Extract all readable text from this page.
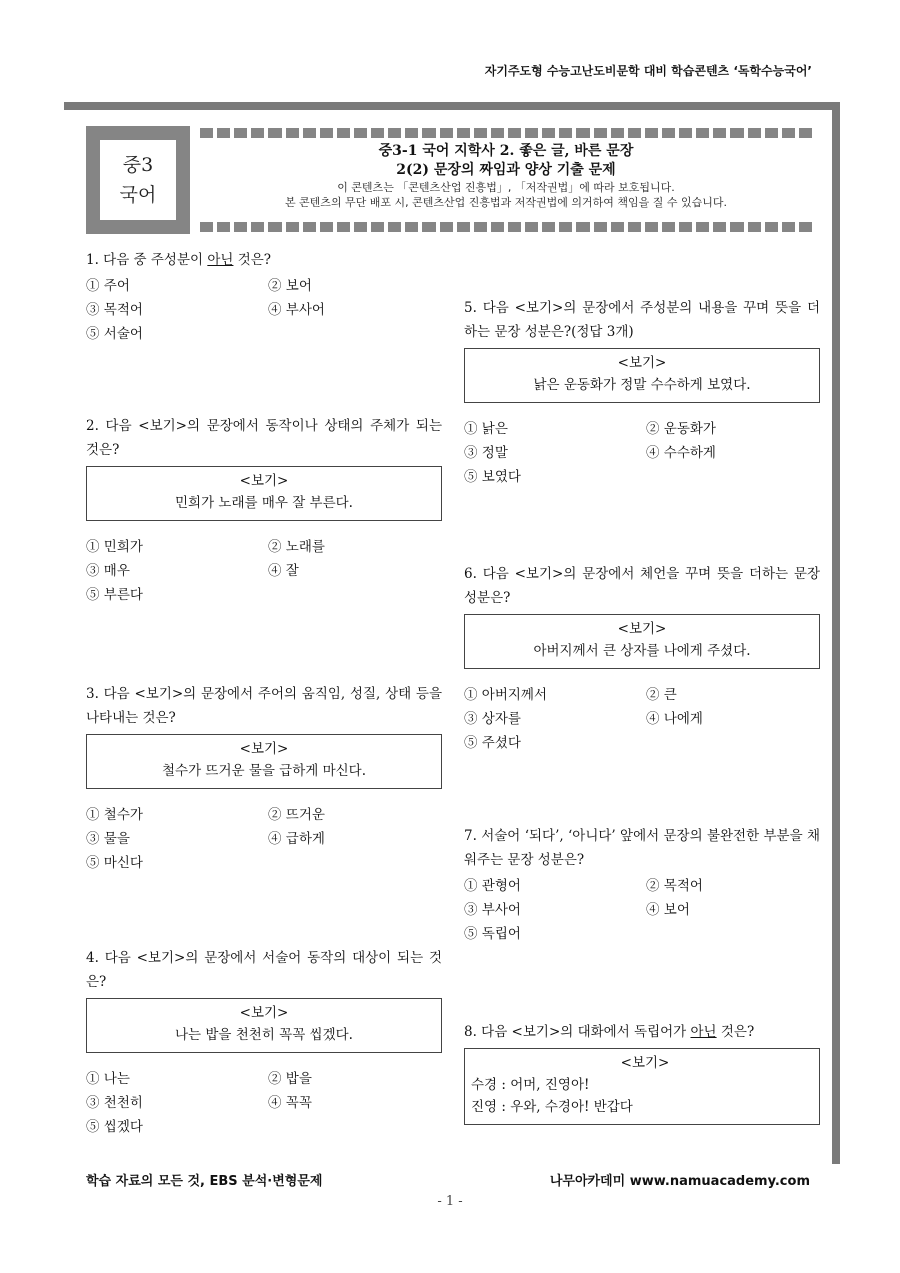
자기주도형 수능고난도비문학 대비 학습콘텐츠 ‘독학수능국어’
중3
국어
중3-1 국어 지학사 2. 좋은 글, 바른 문장
2(2) 문장의 짜임과 양상 기출 문제
이 콘텐츠는 「콘텐츠산업 진흥법」, 「저작권법」에 따라 보호됩니다.
본 콘텐츠의 무단 배포 시, 콘텐츠산업 진흥법과 저작권법에 의거하여 책임을 질 수 있습니다.
1. 다음 중 주성분이 아닌 것은?
① 주어	② 보어
③ 목적어	④ 부사어
⑤ 서술어
2. 다음 <보기>의 문장에서 동작이나 상태의 주체가 되는 것은?
<보기>
민희가 노래를 매우 잘 부른다.
① 민희가	② 노래를
③ 매우	④ 잘
⑤ 부른다
3. 다음 <보기>의 문장에서 주어의 움직임, 성질, 상태 등을 나타내는 것은?
<보기>
철수가 뜨거운 물을 급하게 마신다.
① 철수가	② 뜨거운
③ 물을	④ 급하게
⑤ 마신다
4. 다음 <보기>의 문장에서 서술어 동작의 대상이 되는 것은?
<보기>
나는 밥을 천천히 꼭꼭 씹겠다.
① 나는	② 밥을
③ 천천히	④ 꼭꼭
⑤ 씹겠다
5. 다음 <보기>의 문장에서 주성분의 내용을 꾸며 뜻을 더하는 문장 성분은?(정답 3개)
<보기>
낡은 운동화가 정말 수수하게 보였다.
① 낡은	② 운동화가
③ 정말	④ 수수하게
⑤ 보였다
6. 다음 <보기>의 문장에서 체언을 꾸며 뜻을 더하는 문장 성분은?
<보기>
아버지께서 큰 상자를 나에게 주셨다.
① 아버지께서	② 큰
③ 상자를	④ 나에게
⑤ 주셨다
7. 서술어 ‘되다’, ‘아니다’ 앞에서 문장의 불완전한 부분을 채워주는 문장 성분은?
① 관형어	② 목적어
③ 부사어	④ 보어
⑤ 독립어
8. 다음 <보기>의 대화에서 독립어가 아닌 것은?
<보기>
수경 : 어머, 진영아!
진영 : 우와, 수경아! 반갑다
학습 자료의 모든 것, EBS 분석·변형문제	나무아카데미 www.namuacademy.com
- 1 -
